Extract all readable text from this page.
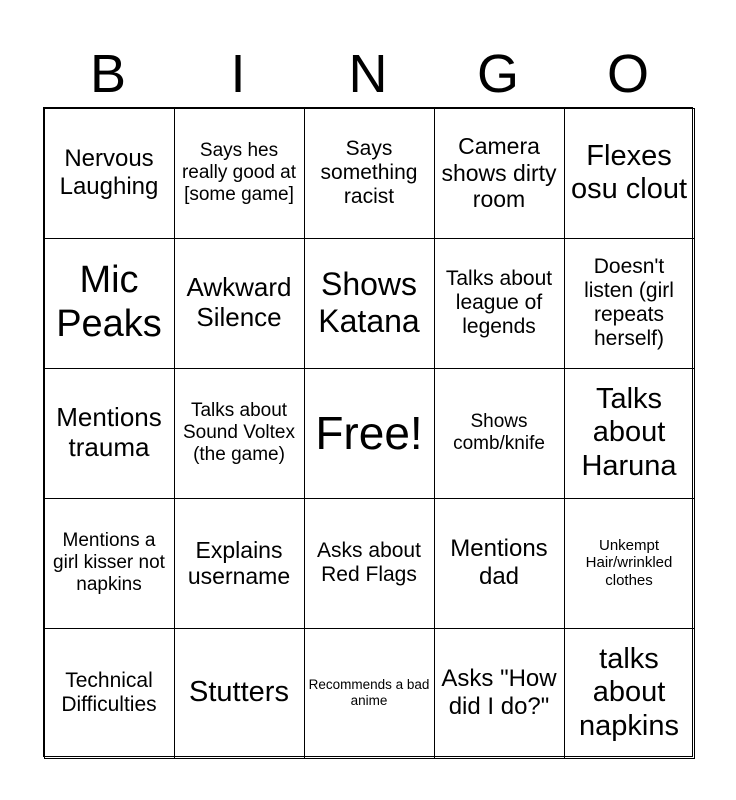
B	I	N	G	O
Nervous Laughing
Says hes really good at [some game]
Says something racist
Camera shows dirty room
Flexes osu clout
Mic Peaks
Awkward Silence
Shows Katana
Talks about league of legends
Doesn't listen (girl repeats herself)
Mentions trauma
Talks about Sound Voltex (the game) Free!	Shows comb/knife
Talks about Haruna
Mentions a girl kisser not napkins
Explains username
Asks about Red Flags
Mentions dad
Unkempt Hair/wrinkled clothes
Technical Difficulties	Stutters Recommends a bad anime
Asks "How did I do?"
talks about napkins
